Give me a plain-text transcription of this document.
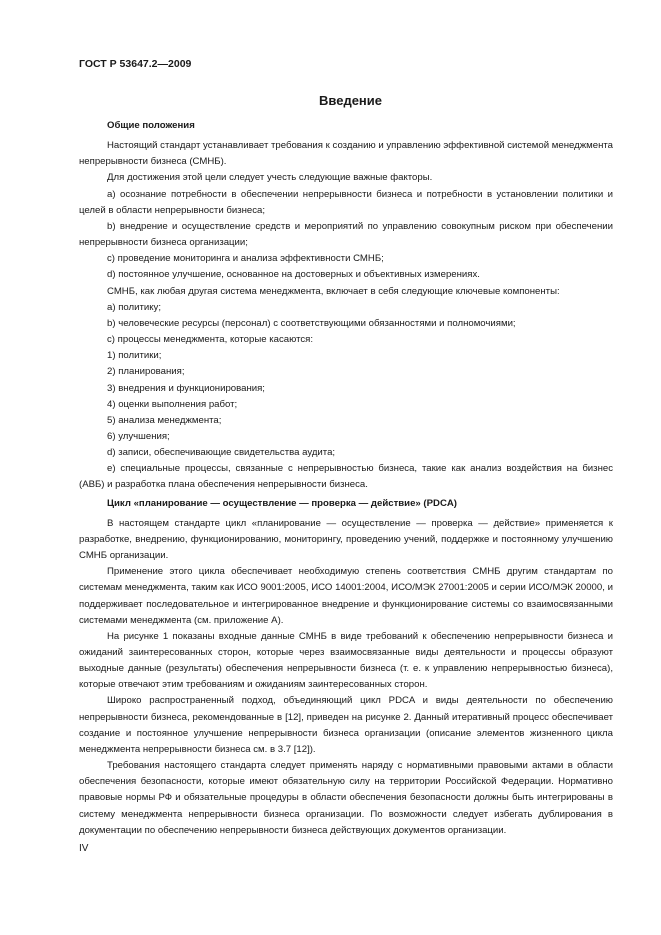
ГОСТ Р 53647.2—2009
Введение

Общие положения

Настоящий стандарт устанавливает требования к созданию и управлению эффективной системой менеджмента непрерывности бизнеса (СМНБ).

Для достижения этой цели следует учесть следующие важные факторы.

а) осознание потребности в обеспечении непрерывности бизнеса и потребности в установлении политики и целей в области непрерывности бизнеса;

b) внедрение и осуществление средств и мероприятий по управлению совокупным риском при обеспечении непрерывности бизнеса организации;

с) проведение мониторинга и анализа эффективности СМНБ;

d) постоянное улучшение, основанное на достоверных и объективных измерениях.

СМНБ, как любая другая система менеджмента, включает в себя следующие ключевые компоненты:

а) политику;

b) человеческие ресурсы (персонал) с соответствующими обязанностями и полномочиями;

с) процессы менеджмента, которые касаются:

1) политики;

2) планирования;

3) внедрения и функционирования;

4) оценки выполнения работ;

5) анализа менеджмента;

6) улучшения;

d) записи, обеспечивающие свидетельства аудита;

е) специальные процессы, связанные с непрерывностью бизнеса, такие как анализ воздействия на бизнес (АВБ) и разработка плана обеспечения непрерывности бизнеса.

Цикл «планирование — осуществление — проверка — действие» (PDCA)

В настоящем стандарте цикл «планирование — осуществление — проверка — действие» применяется к разработке, внедрению, функционированию, мониторингу, проведению учений, поддержке и постоянному улучшению СМНБ организации.

Применение этого цикла обеспечивает необходимую степень соответствия СМНБ другим стандартам по системам менеджмента, таким как ИСО 9001:2005, ИСО 14001:2004, ИСО/МЭК 27001:2005 и серии ИСО/МЭК 20000, и поддерживает последовательное и интегрированное внедрение и функционирование системы со взаимосвязанными системами менеджмента (см. приложение А).

На рисунке 1 показаны входные данные СМНБ в виде требований к обеспечению непрерывности бизнеса и ожиданий заинтересованных сторон, которые через взаимосвязанные виды деятельности и процессы образуют выходные данные (результаты) обеспечения непрерывности бизнеса (т. е. к управлению непрерывностью бизнеса), которые отвечают этим требованиям и ожиданиям заинтересованных сторон.

Широко распространенный подход, объединяющий цикл PDCA и виды деятельности по обеспечению непрерывности бизнеса, рекомендованные в [12], приведен на рисунке 2. Данный итеративный процесс обеспечивает создание и постоянное улучшение непрерывности бизнеса организации (описание элементов жизненного цикла менеджмента непрерывности бизнеса см. в 3.7 [12]).

Требования настоящего стандарта следует применять наряду с нормативными правовыми актами в области обеспечения безопасности, которые имеют обязательную силу на территории Российской Федерации. Нормативно правовые нормы РФ и обязательные процедуры в области обеспечения безопасности должны быть интегрированы в систему менеджмента непрерывности бизнеса организации. По возможности следует избегать дублирования в документации по обеспечению непрерывности бизнеса действующих документов организации.

IV
